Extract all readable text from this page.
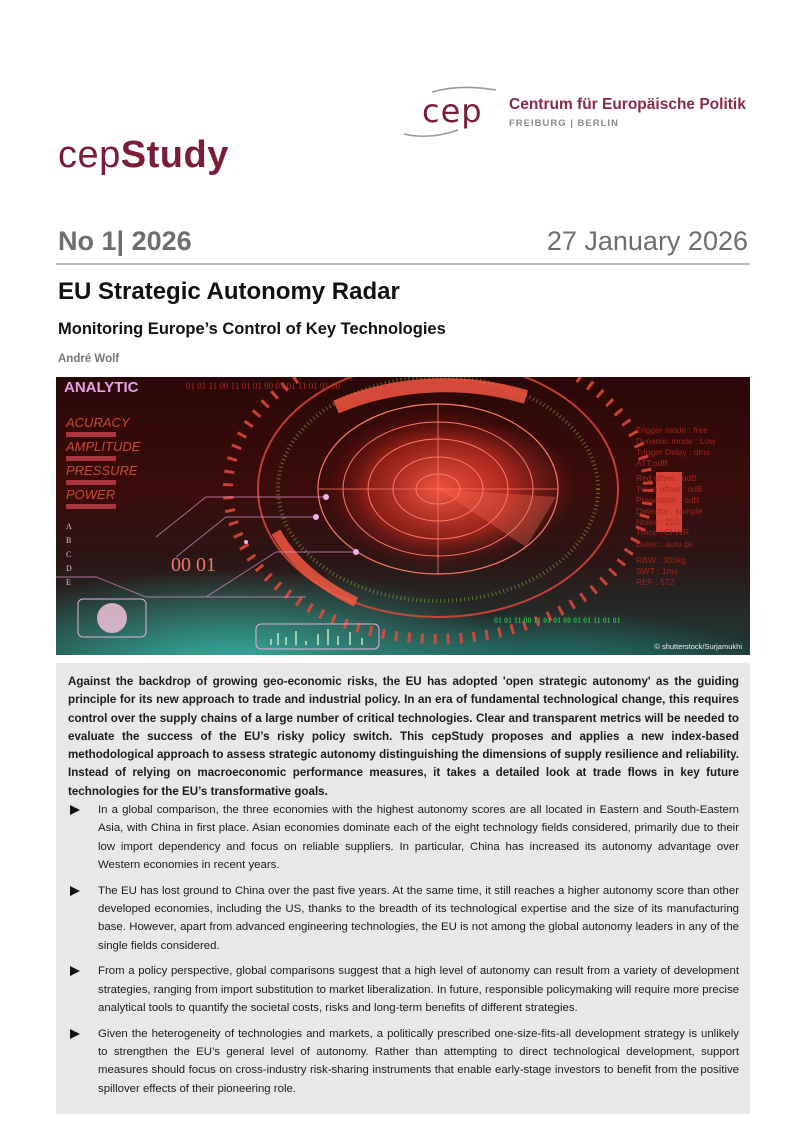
cep Centrum für Europäische Politik
FREIBURG | BERLIN
cepStudy
No 1| 2026	27 January 2026
EU Strategic Autonomy Radar
Monitoring Europe’s Control of Key Technologies
André Wolf
ANALYTIC	01 01 11 00 11 01 01 00 01 01 11 01 01 00
ACURACY
AMPLITUDE
PRESSURE
POWER
A
B
C
D
E
00 01
Trigger mode : free
Dynamic mode : Low
Trigger Delay : oms
ATT:odB
Red offset : odB
Trace offset : odB
Preamlitter : odB
Datector : sample
Noise : 210
Trace : Cl WR
Datec : auto pk
RBW : 300kg
SWT : 1ms
REF : 572
01 01 11 00 11 01 01 00 01 01 11 01 01
© shutterstock/Surjamukhi

Against the backdrop of growing geo-economic risks, the EU has adopted 'open strategic autonomy' as the guiding principle for its new approach to trade and industrial policy. In an era of fundamental technological change, this requires control over the supply chains of a large number of critical technologies. Clear and transparent metrics will be needed to evaluate the success of the EU’s risky policy switch. This cepStudy proposes and applies a new index-based methodological approach to assess strategic autonomy distinguishing the dimensions of supply resilience and reliability. Instead of relying on macroeconomic performance measures, it takes a detailed look at trade flows in key future technologies for the EU’s transformative goals.

In a global comparison, the three economies with the highest autonomy scores are all located in Eastern and South-Eastern Asia, with China in first place. Asian economies dominate each of the eight technology fields considered, primarily due to their low import dependency and focus on reliable suppliers. In particular, China has increased its autonomy advantage over Western economies in recent years.
The EU has lost ground to China over the past five years. At the same time, it still reaches a higher autonomy score than other developed economies, including the US, thanks to the breadth of its technological expertise and the size of its manufacturing base. However, apart from advanced engineering technologies, the EU is not among the global autonomy leaders in any of the single fields considered.
From a policy perspective, global comparisons suggest that a high level of autonomy can result from a variety of development strategies, ranging from import substitution to market liberalization. In future, responsible policymaking will require more precise analytical tools to quantify the societal costs, risks and long-term benefits of different strategies.
Given the heterogeneity of technologies and markets, a politically prescribed one-size-fits-all development strategy is unlikely to strengthen the EU’s general level of autonomy. Rather than attempting to direct technological development, support measures should focus on cross-industry risk-sharing instruments that enable early-stage investors to benefit from the positive spillover effects of their pioneering role.
